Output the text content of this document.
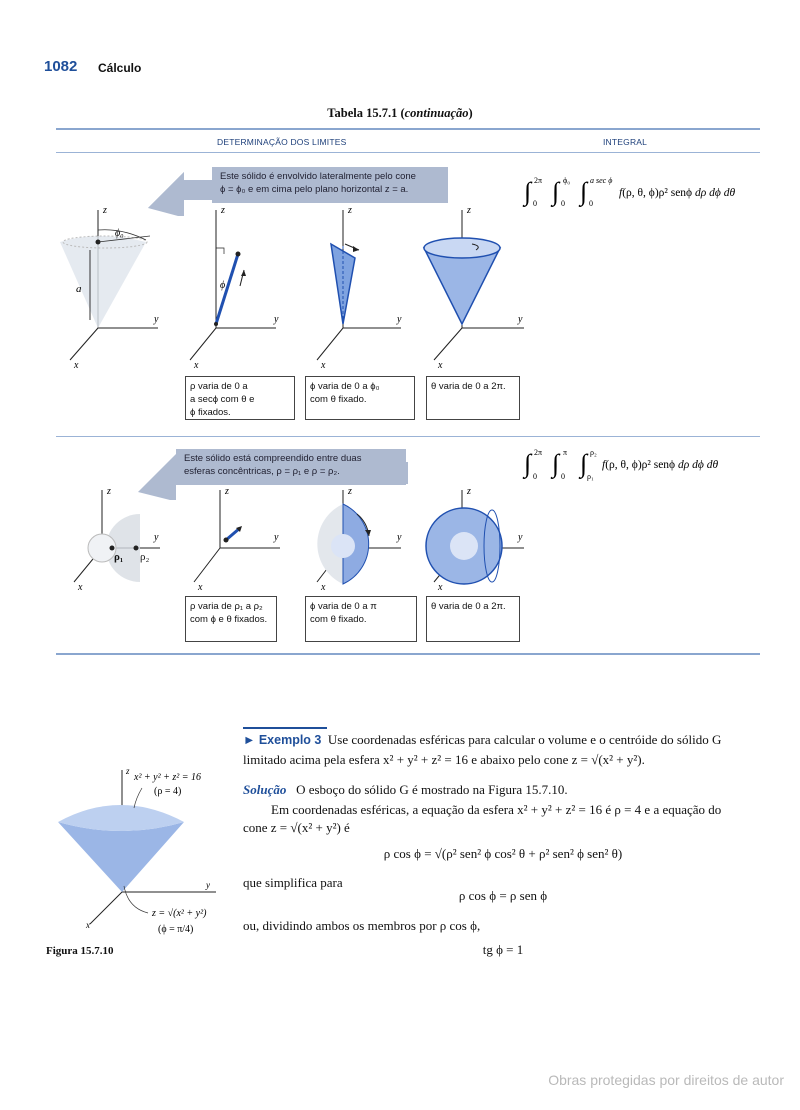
1082 Cálculo
Tabela 15.7.1 (continuação)
DETERMINAÇÃO DOS LIMITES	INTEGRAL
Este sólido é envolvido lateralmente pelo cone
ϕ = ϕ₀ e em cima pelo plano horizontal z = a.	∫ 2π
0 ∫ ϕ₀
0 ∫ a sec ϕ
0
f(ρ, θ, ϕ)ρ² senϕ dρ dϕ dθ
z
y
x
ϕ₀
a
z
y
x
ϕ
z
y
x
z
y
x
ρ varia de 0 a
a secϕ com θ e
ϕ fixados.
ϕ varia de 0 a ϕ₀
com θ fixado.
θ varia de 0 a 2π.
Este sólido está compreendido entre duas
esferas concêntricas, ρ = ρ₁ e ρ = ρ₂.	∫ 2π
0 ∫ π
0 ∫ ρ₂
ρ₁
f(ρ, θ, ϕ)ρ² senϕ dρ dϕ dθ
z
y
x
ρ₁ ρ₂
z
y
x
z
y
x
z
y
x
ρ varia de ρ₁ a ρ₂
com ϕ e θ fixados.
ϕ varia de 0 a π
com θ fixado.
θ varia de 0 a 2π.
► Exemplo 3 Use coordenadas esféricas para calcular o volume e o centróide do sólido G
limitado acima pela esfera x² + y² + z² = 16 e abaixo pelo cone z = √(x² + y²).
Solução O esboço do sólido G é mostrado na Figura 15.7.10.
Em coordenadas esféricas, a equação da esfera x² + y² + z² = 16 é ρ = 4 e a equação do
cone z = √(x² + y²) é
ρ cos ϕ = √(ρ² sen² ϕ cos² θ + ρ² sen² ϕ sen² θ)
que simplifica para
ρ cos ϕ = ρ sen ϕ
ou, dividindo ambos os membros por ρ cos ϕ,
tg ϕ = 1
z
y
x
x² + y² + z² = 16
(ρ = 4)
z = √(x² + y²)
(ϕ = π/4)
Figura 15.7.10
Obras protegidas por direitos de autor
